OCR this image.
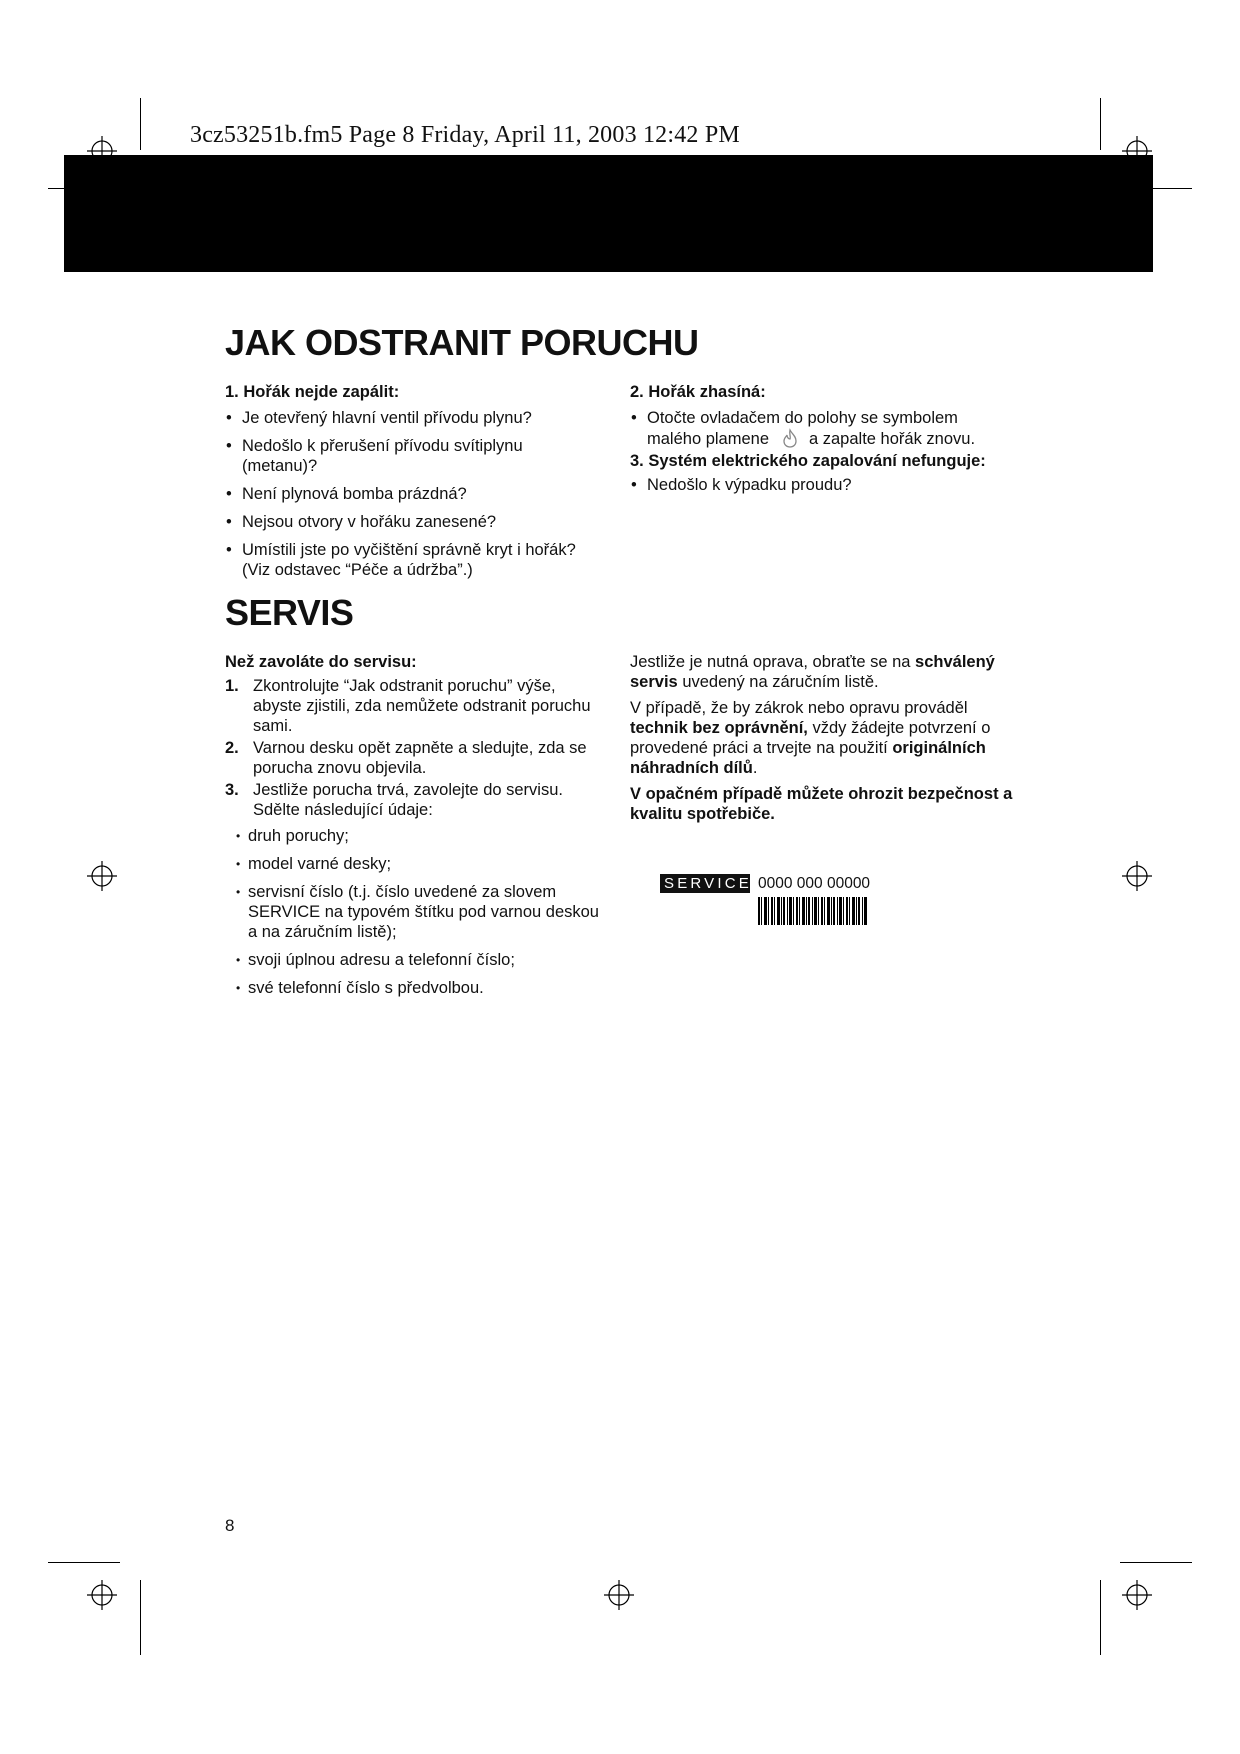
3cz53251b.fm5 Page 8 Friday, April 11, 2003 12:42 PM
JAK ODSTRANIT PORUCHU
1. Hořák nejde zapálit:
• Je otevřený hlavní ventil přívodu plynu?
• Nedošlo k přerušení přívodu svítiplynu (metanu)?
• Není plynová bomba prázdná?
• Nejsou otvory v hořáku zanesené?
• Umístili jste po vyčištění správně kryt i hořák? (Viz odstavec “Péče a údržba”.)
2. Hořák zhasíná:
• Otočte ovladačem do polohy se symbolem malého plamene a zapalte hořák znovu.
3. Systém elektrického zapalování nefunguje:
• Nedošlo k výpadku proudu?
SERVIS
Než zavoláte do servisu:
1. Zkontrolujte “Jak odstranit poruchu” výše, abyste zjistili, zda nemůžete odstranit poruchu sami.
2. Varnou desku opět zapněte a sledujte, zda se porucha znovu objevila.
3. Jestliže porucha trvá, zavolejte do servisu. Sdělte následující údaje:
• druh poruchy;
• model varné desky;
• servisní číslo (t.j. číslo uvedené za slovem SERVICE na typovém štítku pod varnou deskou a na záručním listě);
• svoji úplnou adresu a telefonní číslo;
• své telefonní číslo s předvolbou.

Jestliže je nutná oprava, obraťte se na schválený servis uvedený na záručním listě.

V případě, že by zákrok nebo opravu prováděl technik bez oprávnění, vždy žádejte potvrzení o provedené práci a trvejte na použití originálních náhradních dílů.

V opačném případě můžete ohrozit bezpečnost a kvalitu spotřebiče.

SERVICE 0000 000 00000
8
